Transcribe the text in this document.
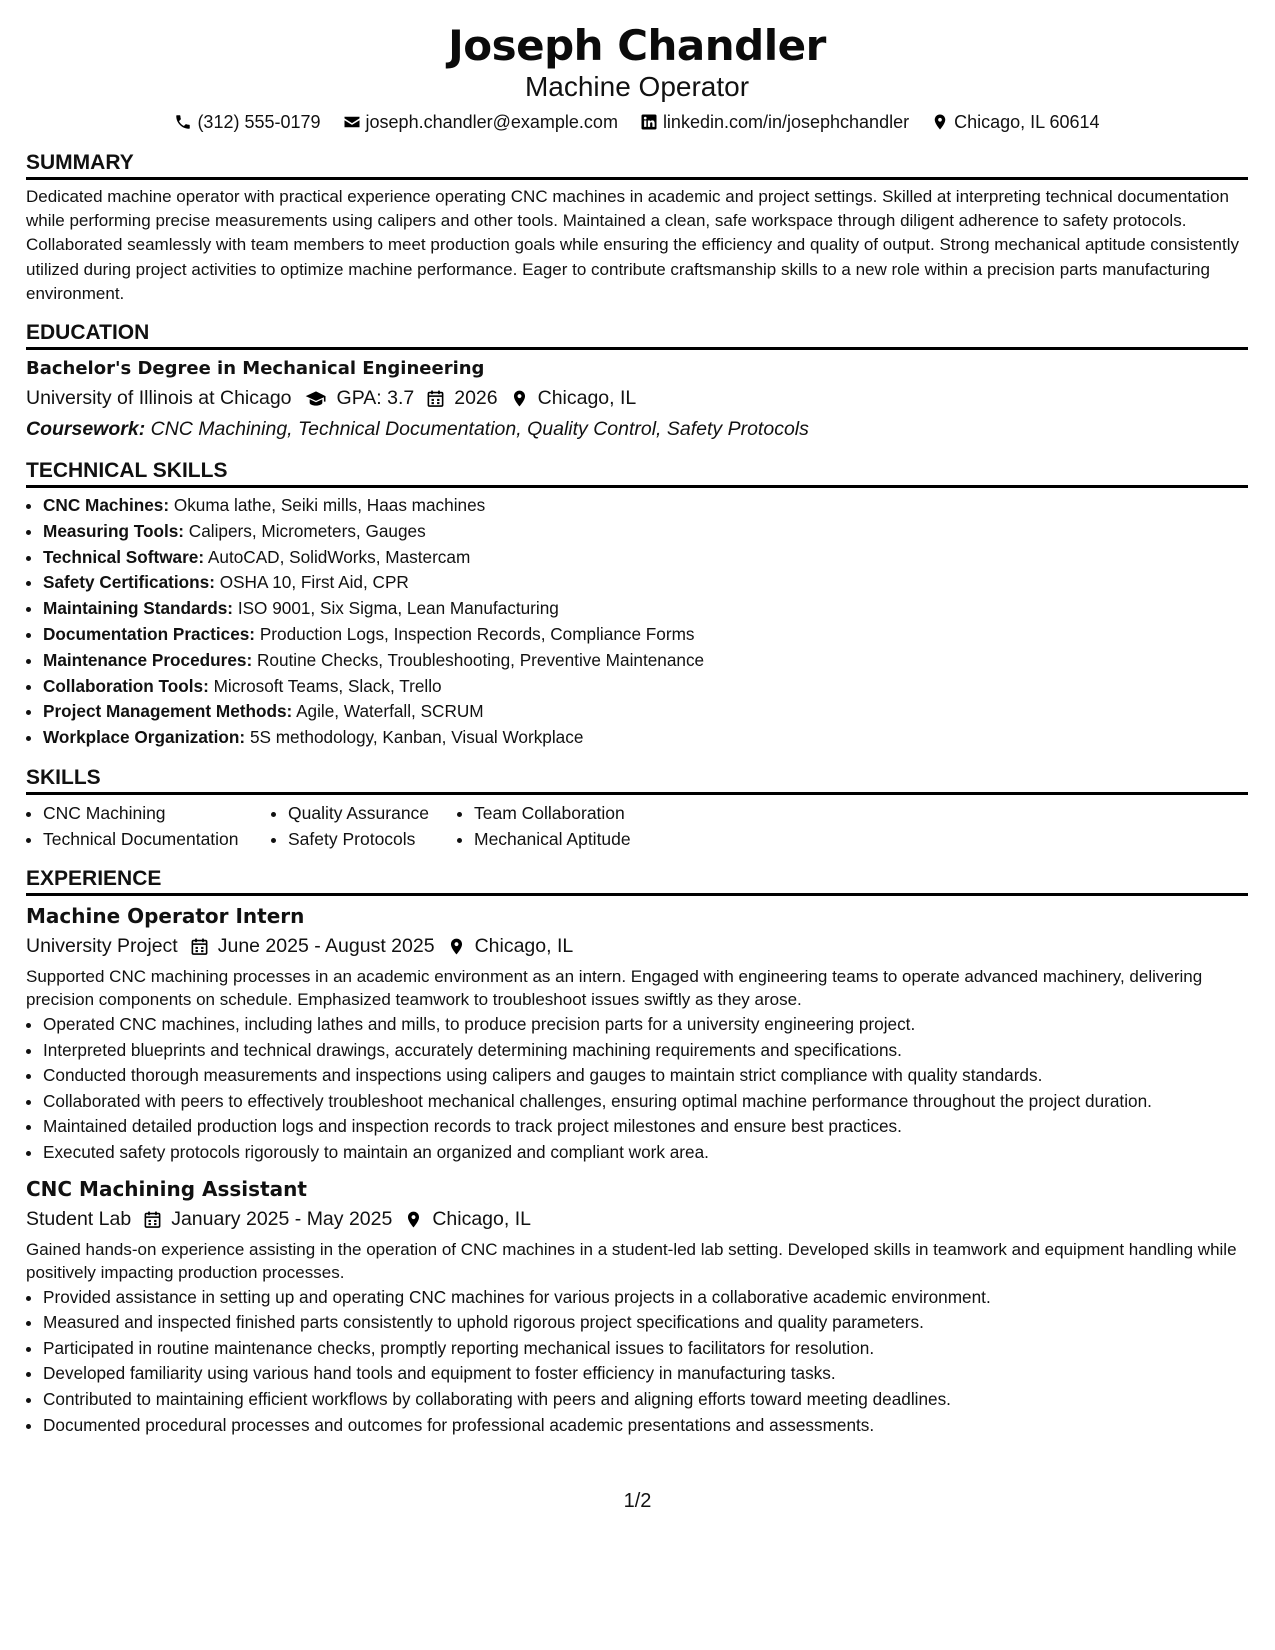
Joseph Chandler
Machine Operator
(312) 555-0179	joseph.chandler@example.com	linkedin.com/in/josephchandler	Chicago, IL 60614
SUMMARY

Dedicated machine operator with practical experience operating CNC machines in academic and project settings. Skilled at interpreting technical documentation while performing precise measurements using calipers and other tools. Maintained a clean, safe workspace through diligent adherence to safety protocols. Collaborated seamlessly with team members to meet production goals while ensuring the efficiency and quality of output. Strong mechanical aptitude consistently utilized during project activities to optimize machine performance. Eager to contribute craftsmanship skills to a new role within a precision parts manufacturing environment.

EDUCATION
Bachelor's Degree in Mechanical Engineering
University of Illinois at Chicago GPA: 3.7 2026 Chicago, IL
Coursework: CNC Machining, Technical Documentation, Quality Control, Safety Protocols
TECHNICAL SKILLS
• CNC Machines: Okuma lathe, Seiki mills, Haas machines
• Measuring Tools: Calipers, Micrometers, Gauges
• Technical Software: AutoCAD, SolidWorks, Mastercam
• Safety Certifications: OSHA 10, First Aid, CPR
• Maintaining Standards: ISO 9001, Six Sigma, Lean Manufacturing
• Documentation Practices: Production Logs, Inspection Records, Compliance Forms
• Maintenance Procedures: Routine Checks, Troubleshooting, Preventive Maintenance
• Collaboration Tools: Microsoft Teams, Slack, Trello
• Project Management Methods: Agile, Waterfall, SCRUM
• Workplace Organization: 5S methodology, Kanban, Visual Workplace
SKILLS
• CNC Machining
• Technical Documentation
• Quality Assurance
• Safety Protocols
• Team Collaboration
• Mechanical Aptitude
EXPERIENCE
Machine Operator Intern
University Project June 2025 - August 2025 Chicago, IL

Supported CNC machining processes in an academic environment as an intern. Engaged with engineering teams to operate advanced machinery, delivering precision components on schedule. Emphasized teamwork to troubleshoot issues swiftly as they arose.

• Operated CNC machines, including lathes and mills, to produce precision parts for a university engineering project.
• Interpreted blueprints and technical drawings, accurately determining machining requirements and specifications.
• Conducted thorough measurements and inspections using calipers and gauges to maintain strict compliance with quality standards.
• Collaborated with peers to effectively troubleshoot mechanical challenges, ensuring optimal machine performance throughout the project duration.
• Maintained detailed production logs and inspection records to track project milestones and ensure best practices.
• Executed safety protocols rigorously to maintain an organized and compliant work area.
CNC Machining Assistant
Student Lab January 2025 - May 2025 Chicago, IL

Gained hands-on experience assisting in the operation of CNC machines in a student-led lab setting. Developed skills in teamwork and equipment handling while positively impacting production processes.

• Provided assistance in setting up and operating CNC machines for various projects in a collaborative academic environment.
• Measured and inspected finished parts consistently to uphold rigorous project specifications and quality parameters.
• Participated in routine maintenance checks, promptly reporting mechanical issues to facilitators for resolution.
• Developed familiarity using various hand tools and equipment to foster efficiency in manufacturing tasks.
• Contributed to maintaining efficient workflows by collaborating with peers and aligning efforts toward meeting deadlines.
• Documented procedural processes and outcomes for professional academic presentations and assessments.
1/2
